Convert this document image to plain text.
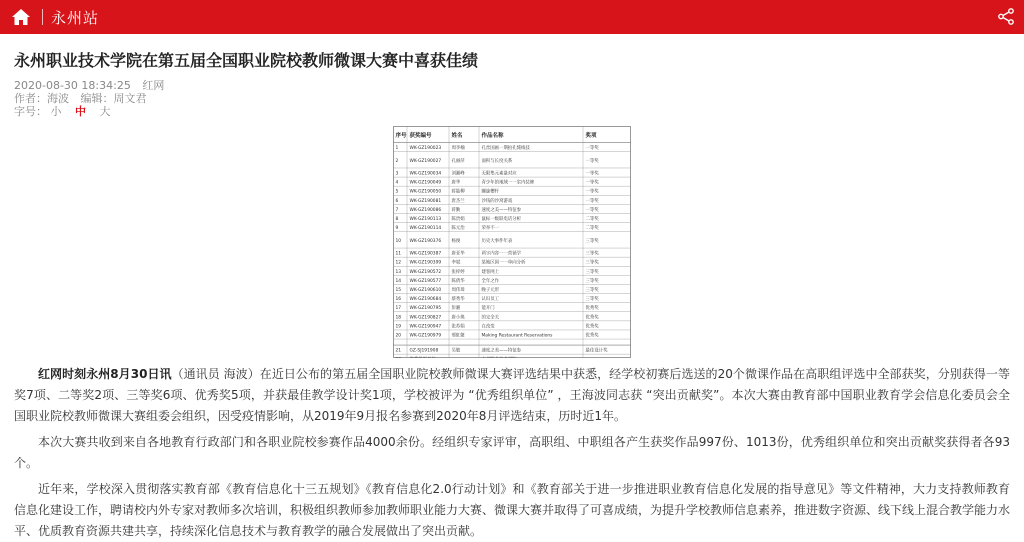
永州站
永州职业技术学院在第五届全国职业院校教师微课大赛中喜获佳绩
2020-08-30 18:34:25 红网
作者：海波 编辑：周文君
字号： 小 中 大
序号 获奖编号	姓名	作品名称	奖项
1	WK-GZ190023 周李楠	孔丝国画一期拍孔缝线技	一等奖
2	WK-GZ190027 孔丽萍	面积与长度关系	一等奖
3	WK-GZ190034 刘湘峰	无限集元素量对应	一等奖
4	WK-GZ190049 唐华	青少年的地域一一室内装修	一等奖
5	WK-GZ190050 蒋能柳	螺旋槽杆	一等奖
6	WK-GZ190081 唐杰兰	沙钱的沙窝游戏	一等奖
7	WK-GZ190086 蒋勤	速度之美——特征参	一等奖
8	WK-GZ190113 陈贵娟	鼠标一级联电话分析	二等奖
9	WK-GZ190114 陈元治	荣举不一	二等奖
10 WK-GZ190376 杨俊	历史大事件年表	三等奖
11 WK-GZ190387 唐亚华	两字内容一一营销学	三等奖
12 WK-GZ190399 李斌	某地区国一一单向分析	三等奖
13 WK-GZ190572 张梓婷	建客网上	三等奖
14 WK-GZ190577 陈倩华	全年之作	三等奖
15 WK-GZ190610 周伟璋	晚子元形	三等奖
16 WK-GZ190684 蔡秀华	认识员工	三等奖
17 WK-GZ190795 彭湘	能开门	优秀奖
18 WK-GZ190827 唐小焕	的完全关	优秀奖
19 WK-GZ190947 张苏娟	在改变	优秀奖
20 WK-GZ190979 邢虹婕	Making Restaurant Reservations	优秀奖
21 GZ-SJ191908	吴敏	速度之美——特征参	最佳设计奖

红网时刻永州8月30日讯（通讯员 海波）在近日公布的第五届全国职业院校教师微课大赛评选结果中获悉，经学校初赛后选送的20个微课作品在高职组评选中全部获奖，分别获得一等奖7项、二等奖2项、三等奖6项、优秀奖5项，并获最佳教学设计奖1项，学校被评为 “优秀组织单位” ，王海波同志获 “突出贡献奖”。本次大赛由教育部中国职业教育学会信息化委员会全国职业院校教师微课大赛组委会组织，因受疫情影响，从2019年9月报名参赛到2020年8月评选结束，历时近1年。

本次大赛共收到来自各地教育行政部门和各职业院校参赛作品4000余份。经组织专家评审，高职组、中职组各产生获奖作品997份、1013份，优秀组织单位和突出贡献奖获得者各93个。

近年来，学校深入贯彻落实教育部《教育信息化十三五规划》《教育信息化2.0行动计划》和《教育部关于进一步推进职业教育信息化发展的指导意见》等文件精神，大力支持教师教育信息化建设工作，聘请校内外专家对教师多次培训，积极组织教师参加教师职业能力大赛、微课大赛并取得了可喜成绩，为提升学校教师信息素养，推进数字资源、线下线上混合教学能力水平、优质教育资源共建共享，持续深化信息技术与教育教学的融合发展做出了突出贡献。
